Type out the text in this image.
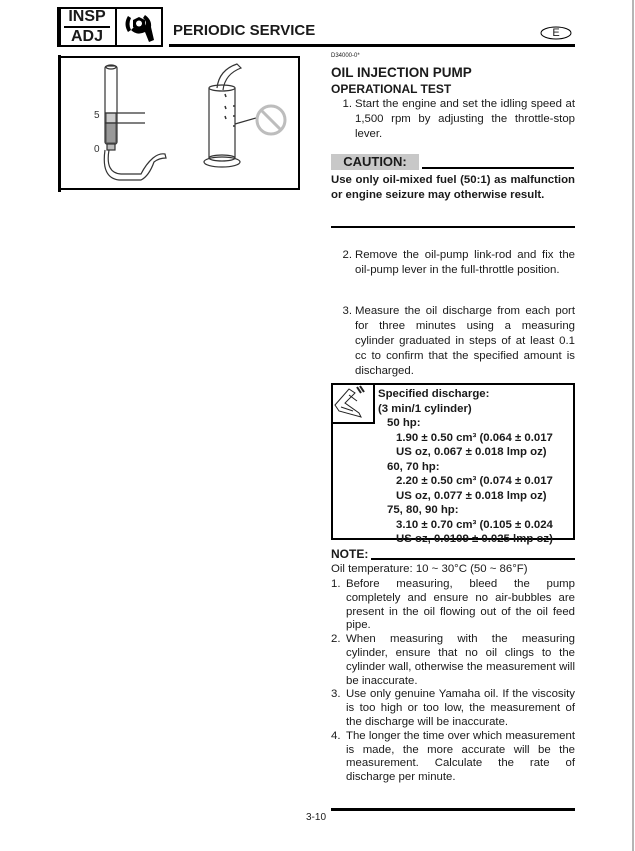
INSP
ADJ	PERIODIC SERVICE	E
5
0
D34000-0*
OIL INJECTION PUMP
OPERATIONAL TEST
1. Start the engine and set the idling speed at 1,500 rpm by adjusting the throttle-stop lever.
CAUTION:
Use only oil-mixed fuel (50:1) as malfunction or engine seizure may otherwise result.
2. Remove the oil-pump link-rod and fix the oil-pump lever in the full-throttle position.
3. Measure the oil discharge from each port for three minutes using a measuring cylinder graduated in steps of at least 0.1 cc to confirm that the specified amount is discharged.
Specified discharge:
(3 min/1 cylinder)
50 hp:
1.90 ± 0.50 cm³ (0.064 ± 0.017
US oz, 0.067 ± 0.018 lmp oz)
60, 70 hp:
2.20 ± 0.50 cm³ (0.074 ± 0.017
US oz, 0.077 ± 0.018 lmp oz)
75, 80, 90 hp:
3.10 ± 0.70 cm³ (0.105 ± 0.024
US oz, 0.0109 ± 0.025 lmp oz)
NOTE:
Oil temperature: 10 ~ 30°C (50 ~ 86°F)
1. Before measuring, bleed the pump completely and ensure no air-bubbles are present in the oil flowing out of the oil feed pipe.
2. When measuring with the measuring cylinder, ensure that no oil clings to the cylinder wall, otherwise the measurement will be inaccurate.
3. Use only genuine Yamaha oil. If the viscosity is too high or too low, the measurement of the discharge will be inaccurate.
4. The longer the time over which measurement is made, the more accurate will be the measurement. Calculate the rate of discharge per minute.
3-10
